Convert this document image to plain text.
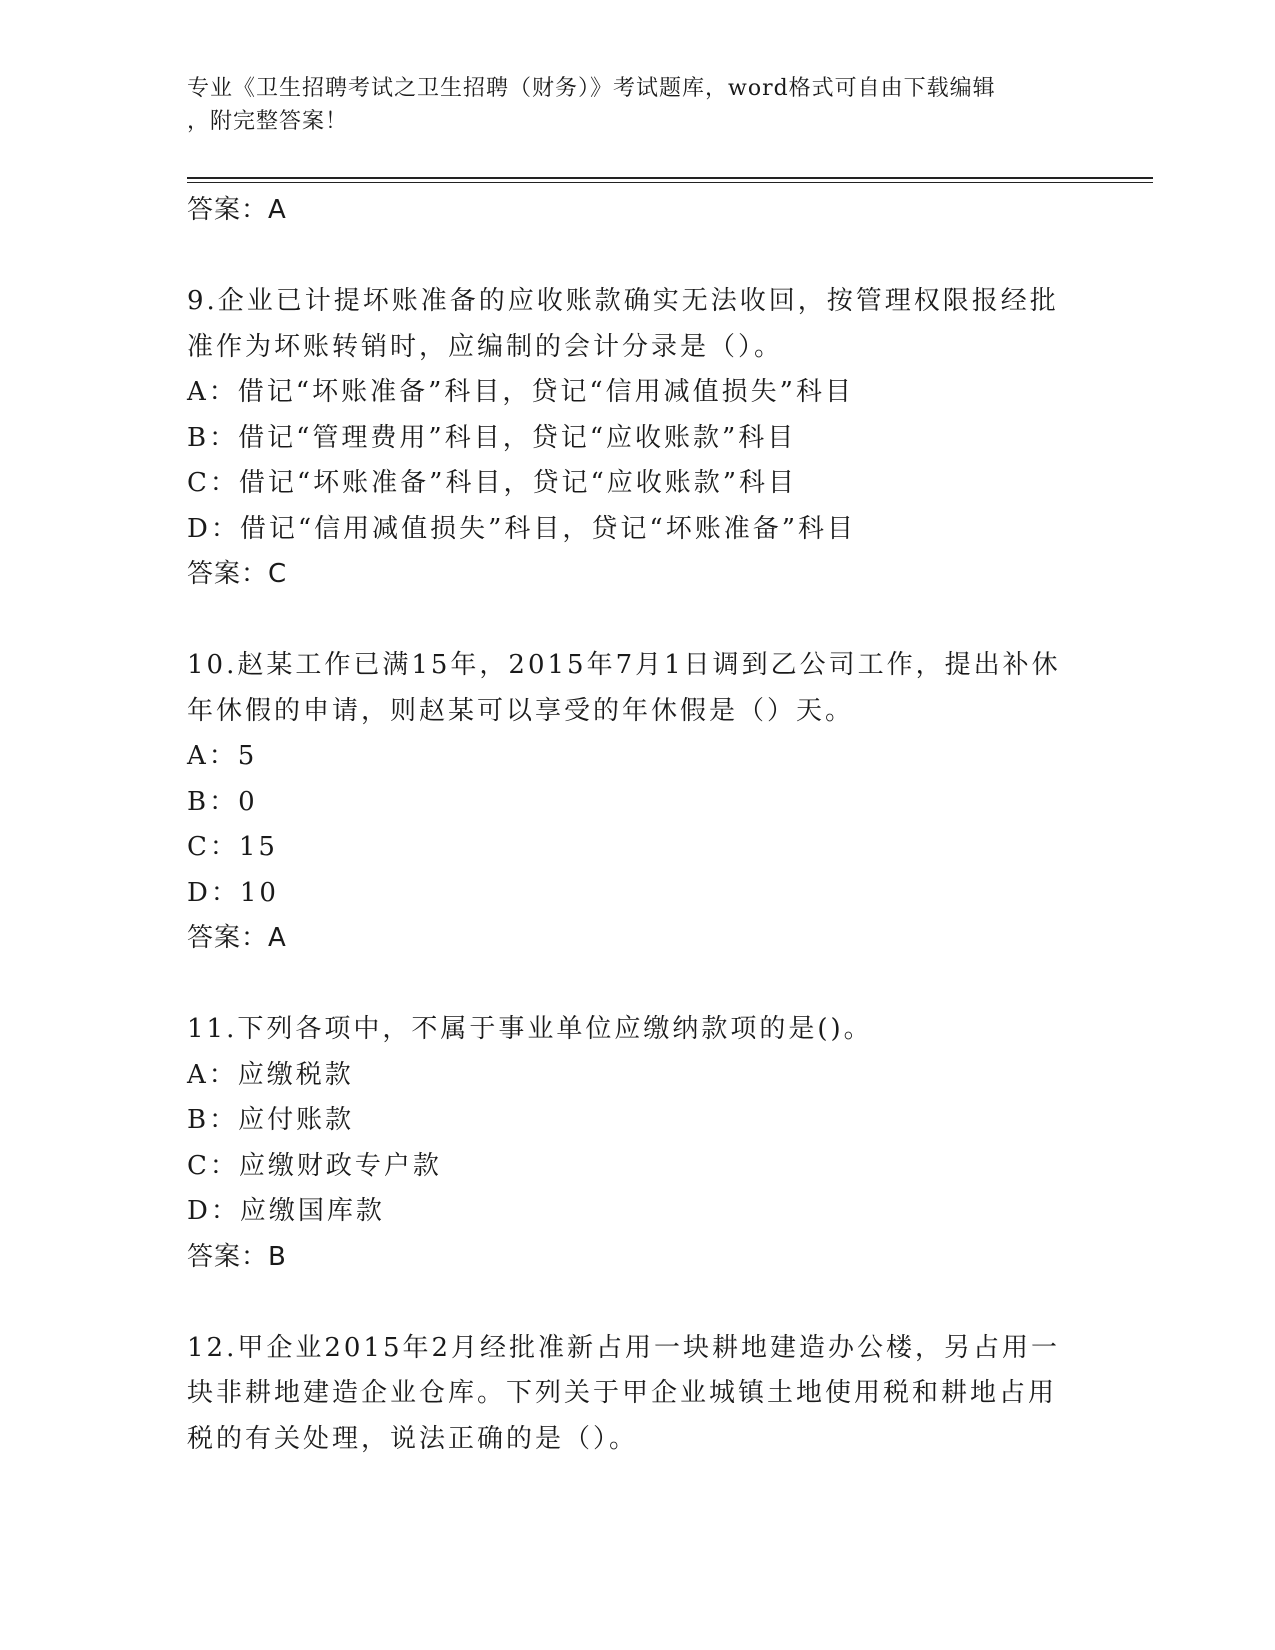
专业《卫生招聘考试之卫生招聘（财务）》考试题库，word格式可自由下载编辑
，附完整答案！
答案：A
9.企业已计提坏账准备的应收账款确实无法收回，按管理权限报经批
准作为坏账转销时，应编制的会计分录是（）。
A：借记“坏账准备”科目，贷记“信用减值损失”科目
B：借记“管理费用”科目，贷记“应收账款”科目
C：借记“坏账准备”科目，贷记“应收账款”科目
D：借记“信用减值损失”科目，贷记“坏账准备”科目
答案：C
10.赵某工作已满15年，2015年7月1日调到乙公司工作，提出补休
年休假的申请，则赵某可以享受的年休假是（）天。
A：5
B：0
C：15
D：10
答案：A
11.下列各项中，不属于事业单位应缴纳款项的是()。
A：应缴税款
B：应付账款
C：应缴财政专户款
D：应缴国库款
答案：B
12.甲企业2015年2月经批准新占用一块耕地建造办公楼，另占用一
块非耕地建造企业仓库。下列关于甲企业城镇土地使用税和耕地占用
税的有关处理，说法正确的是（）。
